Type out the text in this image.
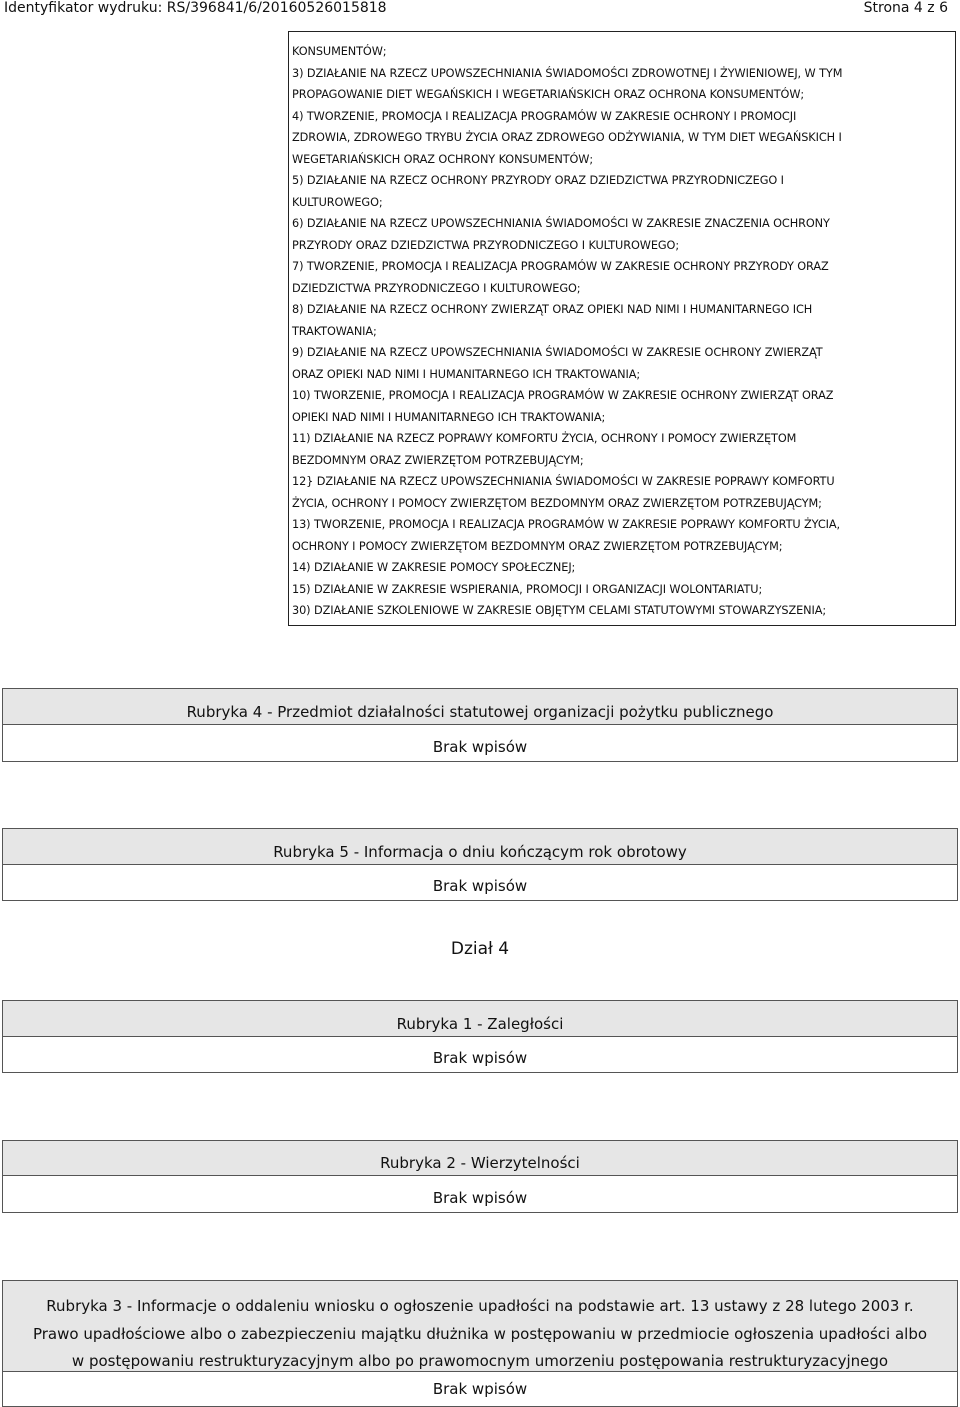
Identyfikator wydruku: RS/396841/6/20160526015818	Strona 4 z 6
KONSUMENTÓW;
3) DZIAŁANIE NA RZECZ UPOWSZECHNIANIA ŚWIADOMOŚCI ZDROWOTNEJ I ŻYWIENIOWEJ, W TYM
PROPAGOWANIE DIET WEGAŃSKICH I WEGETARIAŃSKICH ORAZ OCHRONA KONSUMENTÓW;
4) TWORZENIE, PROMOCJA I REALIZACJA PROGRAMÓW W ZAKRESIE OCHRONY I PROMOCJI
ZDROWIA, ZDROWEGO TRYBU ŻYCIA ORAZ ZDROWEGO ODŻYWIANIA, W TYM DIET WEGAŃSKICH I
WEGETARIAŃSKICH ORAZ OCHRONY KONSUMENTÓW;
5) DZIAŁANIE NA RZECZ OCHRONY PRZYRODY ORAZ DZIEDZICTWA PRZYRODNICZEGO I
KULTUROWEGO;
6) DZIAŁANIE NA RZECZ UPOWSZECHNIANIA ŚWIADOMOŚCI W ZAKRESIE ZNACZENIA OCHRONY
PRZYRODY ORAZ DZIEDZICTWA PRZYRODNICZEGO I KULTUROWEGO;
7) TWORZENIE, PROMOCJA I REALIZACJA PROGRAMÓW W ZAKRESIE OCHRONY PRZYRODY ORAZ
DZIEDZICTWA PRZYRODNICZEGO I KULTUROWEGO;
8) DZIAŁANIE NA RZECZ OCHRONY ZWIERZĄT ORAZ OPIEKI NAD NIMI I HUMANITARNEGO ICH
TRAKTOWANIA;
9) DZIAŁANIE NA RZECZ UPOWSZECHNIANIA ŚWIADOMOŚCI W ZAKRESIE OCHRONY ZWIERZĄT
ORAZ OPIEKI NAD NIMI I HUMANITARNEGO ICH TRAKTOWANIA;
10) TWORZENIE, PROMOCJA I REALIZACJA PROGRAMÓW W ZAKRESIE OCHRONY ZWIERZĄT ORAZ
OPIEKI NAD NIMI I HUMANITARNEGO ICH TRAKTOWANIA;
11) DZIAŁANIE NA RZECZ POPRAWY KOMFORTU ŻYCIA, OCHRONY I POMOCY ZWIERZĘTOM
BEZDOMNYM ORAZ ZWIERZĘTOM POTRZEBUJĄCYM;
12} DZIAŁANIE NA RZECZ UPOWSZECHNIANIA ŚWIADOMOŚCI W ZAKRESIE POPRAWY KOMFORTU
ŻYCIA, OCHRONY I POMOCY ZWIERZĘTOM BEZDOMNYM ORAZ ZWIERZĘTOM POTRZEBUJĄCYM;
13) TWORZENIE, PROMOCJA I REALIZACJA PROGRAMÓW W ZAKRESIE POPRAWY KOMFORTU ŻYCIA,
OCHRONY I POMOCY ZWIERZĘTOM BEZDOMNYM ORAZ ZWIERZĘTOM POTRZEBUJĄCYM;
14) DZIAŁANIE W ZAKRESIE POMOCY SPOŁECZNEJ;
15) DZIAŁANIE W ZAKRESIE WSPIERANIA, PROMOCJI I ORGANIZACJI WOLONTARIATU;
30) DZIAŁANIE SZKOLENIOWE W ZAKRESIE OBJĘTYM CELAMI STATUTOWYMI STOWARZYSZENIA;
Rubryka 4 - Przedmiot działalności statutowej organizacji pożytku publicznego
Brak wpisów
Rubryka 5 - Informacja o dniu kończącym rok obrotowy
Brak wpisów
Dział 4
Rubryka 1 - Zaległości
Brak wpisów
Rubryka 2 - Wierzytelności
Brak wpisów
Rubryka 3 - Informacje o oddaleniu wniosku o ogłoszenie upadłości na podstawie art. 13 ustawy z 28 lutego 2003 r.
Prawo upadłościowe albo o zabezpieczeniu majątku dłużnika w postępowaniu w przedmiocie ogłoszenia upadłości albo
w postępowaniu restrukturyzacyjnym albo po prawomocnym umorzeniu postępowania restrukturyzacyjnego
Brak wpisów
